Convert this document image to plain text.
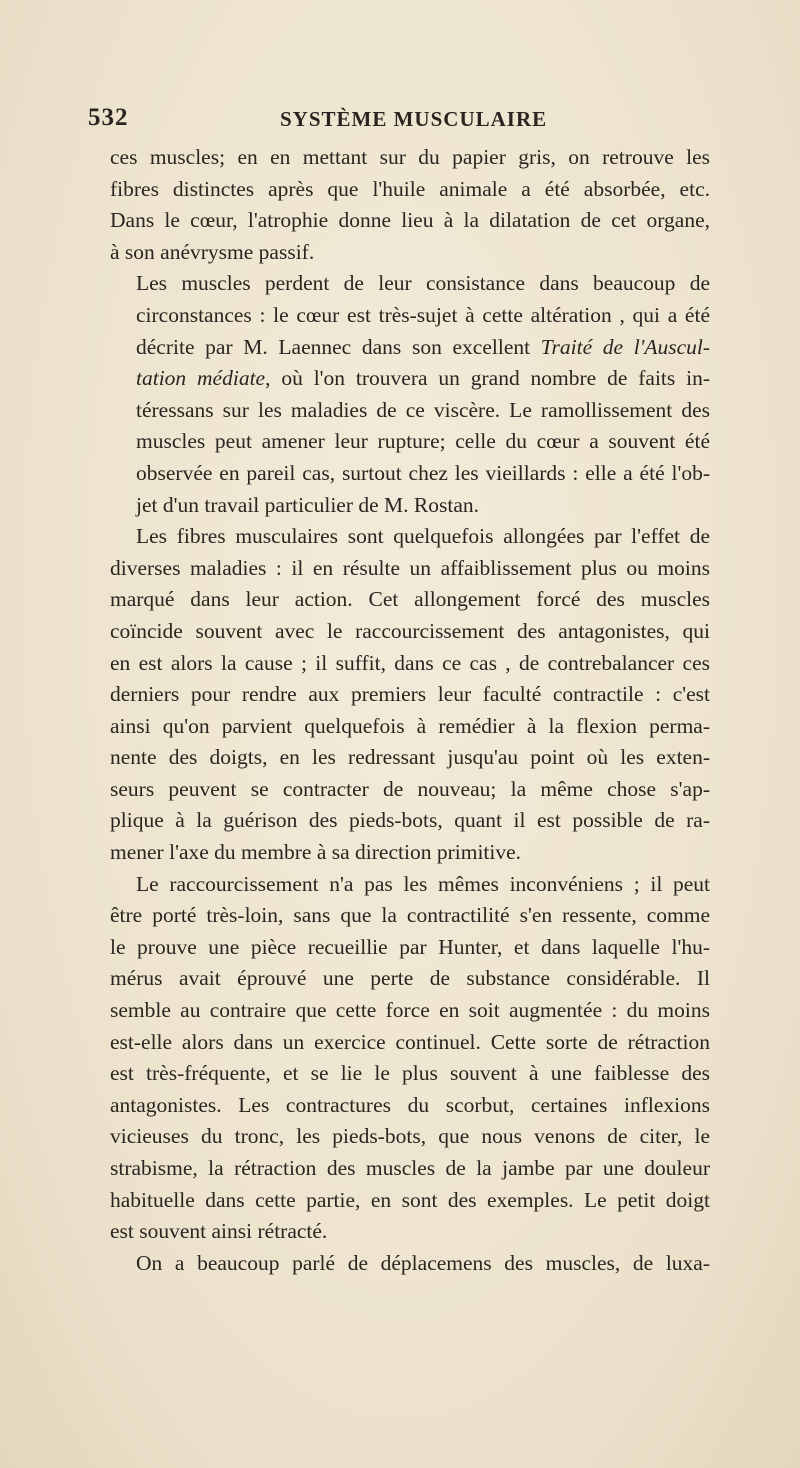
532	SYSTÈME MUSCULAIRE

ces muscles; en en mettant sur du papier gris, on retrouve les
fibres distinctes après que l'huile animale a été absorbée, etc.
Dans le cœur, l'atrophie donne lieu à la dilatation de cet organe,
à son anévrysme passif.

Les muscles perdent de leur consistance dans beaucoup de
circonstances : le cœur est très-sujet à cette altération , qui a été
décrite par M. Laennec dans son excellent Traité de l'Auscul-
tation médiate, où l'on trouvera un grand nombre de faits in-
téressans sur les maladies de ce viscère. Le ramollissement des
muscles peut amener leur rupture; celle du cœur a souvent été
observée en pareil cas, surtout chez les vieillards : elle a été l'ob-
jet d'un travail particulier de M. Rostan.

Les fibres musculaires sont quelquefois allongées par l'effet de
diverses maladies : il en résulte un affaiblissement plus ou moins
marqué dans leur action. Cet allongement forcé des muscles
coïncide souvent avec le raccourcissement des antagonistes, qui
en est alors la cause ; il suffit, dans ce cas , de contrebalancer ces
derniers pour rendre aux premiers leur faculté contractile : c'est
ainsi qu'on parvient quelquefois à remédier à la flexion perma-
nente des doigts, en les redressant jusqu'au point où les exten-
seurs peuvent se contracter de nouveau; la même chose s'ap-
plique à la guérison des pieds-bots, quant il est possible de ra-
mener l'axe du membre à sa direction primitive.

Le raccourcissement n'a pas les mêmes inconvéniens ; il peut
être porté très-loin, sans que la contractilité s'en ressente, comme
le prouve une pièce recueillie par Hunter, et dans laquelle l'hu-
mérus avait éprouvé une perte de substance considérable. Il
semble au contraire que cette force en soit augmentée : du moins
est-elle alors dans un exercice continuel. Cette sorte de rétraction
est très-fréquente, et se lie le plus souvent à une faiblesse des
antagonistes. Les contractures du scorbut, certaines inflexions
vicieuses du tronc, les pieds-bots, que nous venons de citer, le
strabisme, la rétraction des muscles de la jambe par une douleur
habituelle dans cette partie, en sont des exemples. Le petit doigt
est souvent ainsi rétracté.

On a beaucoup parlé de déplacemens des muscles, de luxa-
